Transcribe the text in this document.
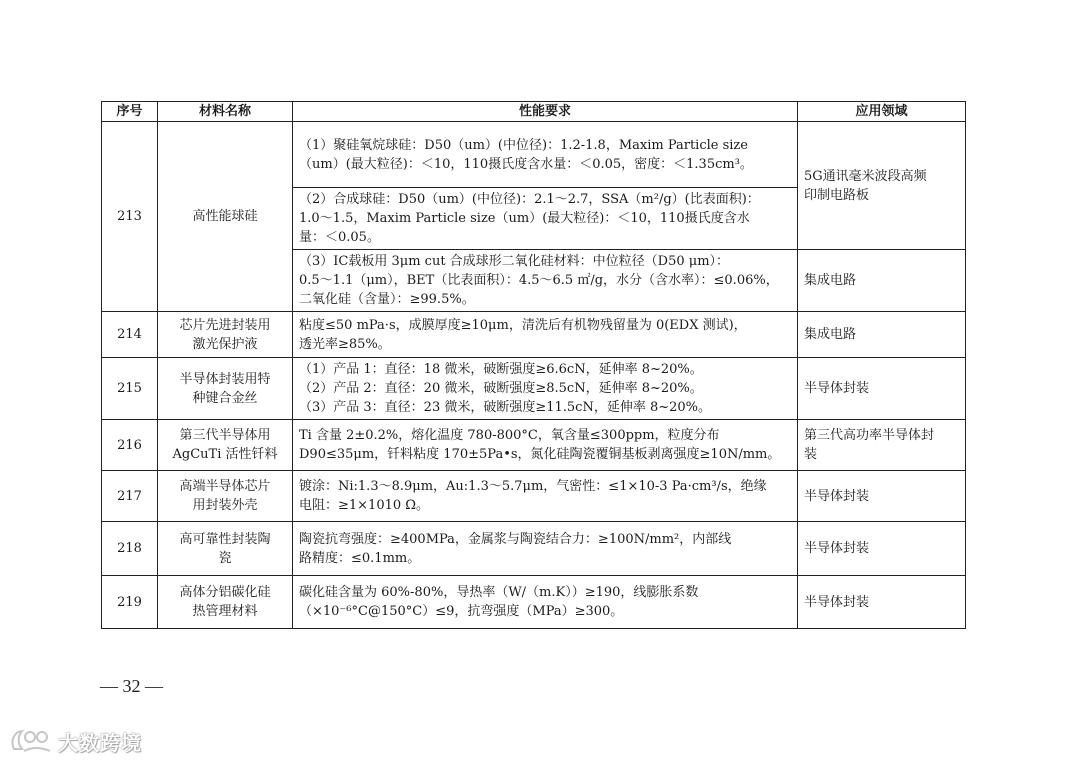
序号	材料名称	性能要求	应用领域
213	高性能球硅	（1）聚硅氧烷球硅：D50（um）(中位径)：1.2-1.8，Maxim Particle size
（um）(最大粒径)：＜10，110摄氏度含水量：＜0.05，密度：＜1.35cm³。	5G通讯毫米波段高频
印制电路板

		（2）合成球硅：D50（um）(中位径)：2.1～2.7，SSA（m²/g）(比表面积)：
1.0～1.5，Maxim Particle size（um）(最大粒径)：＜10，110摄氏度含水
量：＜0.05。	

		（3）IC载板用 3μm cut 合成球形二氧化硅材料：中位粒径（D50 μm）：
0.5～1.1（μm），BET（比表面积）：4.5～6.5 ㎡/g，水分（含水率）：≤0.06%，
二氧化硅（含量）：≥99.5%。	集成电路
214	芯片先进封装用
激光保护液	粘度≤50 mPa·s，成膜厚度≥10μm，清洗后有机物残留量为 0(EDX 测试)，
透光率≥85%。	集成电路
215	半导体封装用特
种键合金丝	（1）产品 1：直径：18 微米，破断强度≥6.6cN，延伸率 8~20%。
（2）产品 2：直径：20 微米，破断强度≥8.5cN，延伸率 8~20%。
（3）产品 3：直径：23 微米，破断强度≥11.5cN，延伸率 8~20%。	半导体封装
216	第三代半导体用
AgCuTi 活性钎料	Ti 含量 2±0.2%，熔化温度 780-800°C，氧含量≤300ppm，粒度分布
D90≤35μm，钎料粘度 170±5Pa•s，氮化硅陶瓷覆铜基板剥离强度≥10N/mm。	第三代高功率半导体封
装

217	高端半导体芯片
用封装外壳	镀涂：Ni:1.3～8.9μm，Au:1.3～5.7μm，气密性：≤1×10-3 Pa·cm³/s，绝缘
电阻：≥1×1010 Ω。	半导体封装
218	高可靠性封装陶
瓷	陶瓷抗弯强度：≥400MPa，金属浆与陶瓷结合力：≥100N/mm²，内部线
路精度：≤0.1mm。	半导体封装
219	高体分铝碳化硅
热管理材料	碳化硅含量为 60%-80%，导热率（W/（m.K））≥190，线膨胀系数
（×10⁻⁶°C@150°C）≤9，抗弯强度（MPa）≥300。	半导体封装
— 32 —
大数跨境
